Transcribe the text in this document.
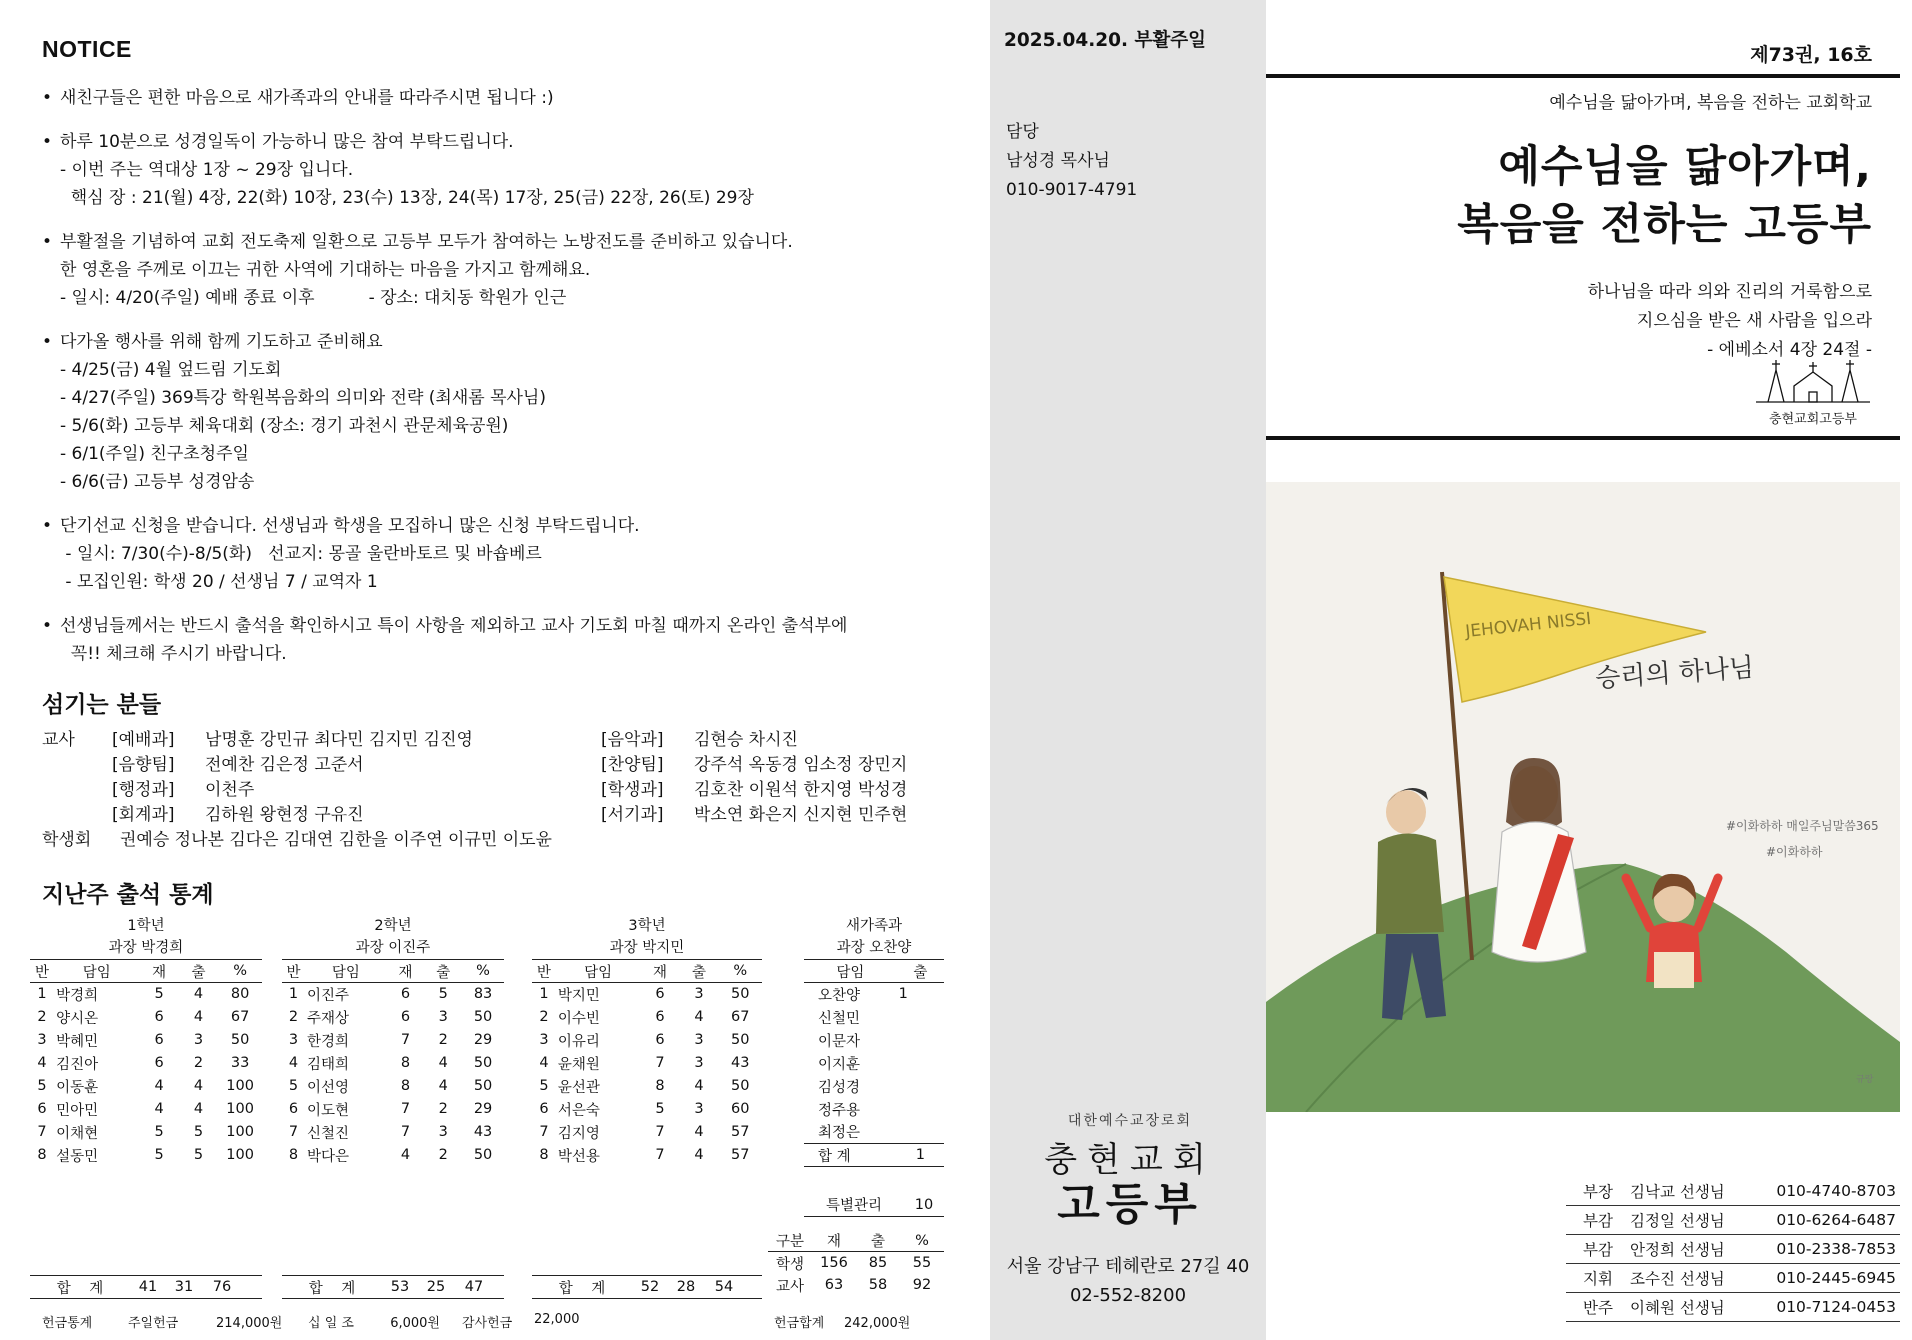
NOTICE
• 새친구들은 편한 마음으로 새가족과의 안내를 따라주시면 됩니다 :)
• 하루 10분으로 성경일독이 가능하니 많은 참여 부탁드립니다.
- 이번 주는 역대상 1장 ~ 29장 입니다.
핵심 장 : 21(월) 4장, 22(화) 10장, 23(수) 13장, 24(목) 17장, 25(금) 22장, 26(토) 29장
• 부활절을 기념하여 교회 전도축제 일환으로 고등부 모두가 참여하는 노방전도를 준비하고 있습니다.
한 영혼을 주께로 이끄는 귀한 사역에 기대하는 마음을 가지고 함께해요.
- 일시: 4/20(주일) 예배 종료 이후          - 장소: 대치동 학원가 인근
• 다가올 행사를 위해 함께 기도하고 준비해요
- 4/25(금) 4월 엎드림 기도회
- 4/27(주일) 369특강 학원복음화의 의미와 전략 (최새롬 목사님)
- 5/6(화) 고등부 체육대회 (장소: 경기 과천시 관문체육공원)
- 6/1(주일) 친구초청주일
- 6/6(금) 고등부 성경암송
• 단기선교 신청을 받습니다. 선생님과 학생을 모집하니 많은 신청 부탁드립니다.
- 일시: 7/30(수)-8/5(화)   선교지: 몽골 울란바토르 및 바숍베르
- 모집인원: 학생 20 / 선생님 7 / 교역자 1
• 선생님들께서는 반드시 출석을 확인하시고 특이 사항을 제외하고 교사 기도회 마칠 때까지 온라인 출석부에
꼭!! 체크해 주시기 바랍니다.
섬기는 분들
교사	[예배과]	남명훈 강민규 최다민 김지민 김진영	[음악과]	김현승 차시진
[음향팀]	전예찬 김은정 고준서	[찬양팀]	강주석 옥동경 임소정 장민지
[행정과]	이천주	[학생과]	김호찬 이원석 한지영 박성경
[회계과]	김하원 왕현정 구유진	[서기과]	박소연 화은지 신지현 민주현
학생회	권예승 정나본 김다은 김대연 김한을 이주연 이규민 이도윤
지난주 출석 통계
1학년
과장 박경희
반	담임	재	출	%
1	박경희	5	4	80
2	양시온	6	4	67
3	박혜민	6	3	50
4	김진아	6	2	33
5	이동훈	4	4	100
6	민아민	4	4	100
7	이채현	5	5	100
8	설동민	5	5	100
합    계	41	31	76
2학년
과장 이진주
반	담임	재	출	%
1	이진주	6	5	83
2	주재상	6	3	50
3	한경희	7	2	29
4	김태희	8	4	50
5	이선영	8	4	50
6	이도현	7	2	29
7	신철진	7	3	43
8	박다은	4	2	50
합    계	53	25	47
3학년
과장 박지민
반	담임	재	출	%
1	박지민	6	3	50
2	이수빈	6	4	67
3	이유리	6	3	50
4	윤채원	7	3	43
5	윤선관	8	4	50
6	서은숙	5	3	60
7	김지영	7	4	57
8	박선용	7	4	57
합    계	52	28	54
새가족과
과장 오찬양
담임	출
오찬양	1
신철민	
이문자	
이지훈	
김성경	
정주용	
최정은	
합 계	1
특별관리	10
구분	재	출	%
학생	156	85	55
교사	63	58	92
헌금통계	주일헌금	214,000원	십 일 조	6,000원	감사헌금	22,000	헌금합계	242,000원
2025.04.20. 부활주일
담당
남성경 목사님
010-9017-4791
대한예수교장로회
충현교회
고등부
서울 강남구 테헤란로 27길 40
02-552-8200
제73권, 16호
예수님을 닮아가며, 복음을 전하는 교회학교
예수님을 닮아가며,
복음을 전하는 고등부
하나님을 따라 의와 진리의 거룩함으로
지으심을 받은 새 사람을 입으라
- 에베소서 4장 24절 -
충현교회고등부
JEHOVAH NISSI
승리의 하나님
#이화하하 매일주님말씀365
#이화하하
규랑
부장	김낙교 선생님	010-4740-8703
부감	김정일 선생님	010-6264-6487
부감	안정희 선생님	010-2338-7853
지휘	조수진 선생님	010-2445-6945
반주	이혜원 선생님	010-7124-0453
